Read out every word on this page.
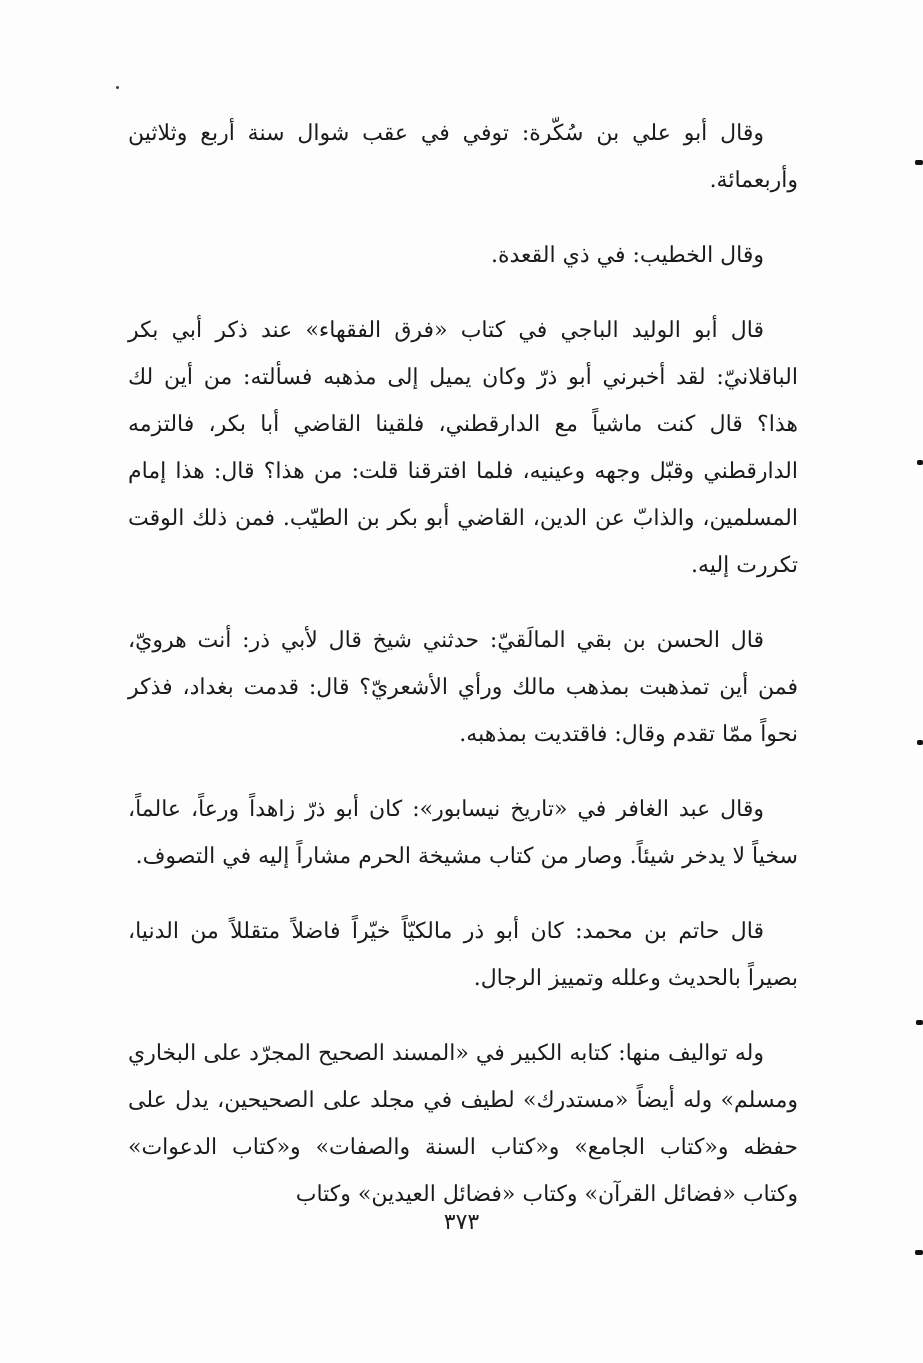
وقال أبو علي بن سُكّرة: توفي في عقب شوال سنة أربع وثلاثين وأربعمائة.

وقال الخطيب: في ذي القعدة.

قال أبو الوليد الباجي في كتاب «فرق الفقهاء» عند ذكر أبي بكر الباقلانيّ: لقد أخبرني أبو ذرّ وكان يميل إلى مذهبه فسألته: من أين لك هذا؟ قال كنت ماشياً مع الدارقطني، فلقينا القاضي أبا بكر، فالتزمه الدارقطني وقبّل وجهه وعينيه، فلما افترقنا قلت: من هذا؟ قال: هذا إمام المسلمين، والذابّ عن الدين، القاضي أبو بكر بن الطيّب. فمن ذلك الوقت تكررت إليه.

قال الحسن بن بقي المالَقيّ: حدثني شيخ قال لأبي ذر: أنت هرويّ، فمن أين تمذهبت بمذهب مالك ورأي الأشعريّ؟ قال: قدمت بغداد، فذكر نحواً ممّا تقدم وقال: فاقتديت بمذهبه.

وقال عبد الغافر في «تاريخ نيسابور»: كان أبو ذرّ زاهداً ورعاً، عالماً، سخياً لا يدخر شيئاً. وصار من كتاب مشيخة الحرم مشاراً إليه في التصوف.

قال حاتم بن محمد: كان أبو ذر مالكيّاً خيّراً فاضلاً متقللاً من الدنيا، بصيراً بالحديث وعلله وتمييز الرجال.

وله تواليف منها: كتابه الكبير في «المسند الصحيح المجرّد على البخاري ومسلم» وله أيضاً «مستدرك» لطيف في مجلد على الصحيحين، يدل على حفظه و«كتاب الجامع» و«كتاب السنة والصفات» و«كتاب الدعوات» وكتاب «فضائل القرآن» وكتاب «فضائل العيدين» وكتاب

٣٧٣
